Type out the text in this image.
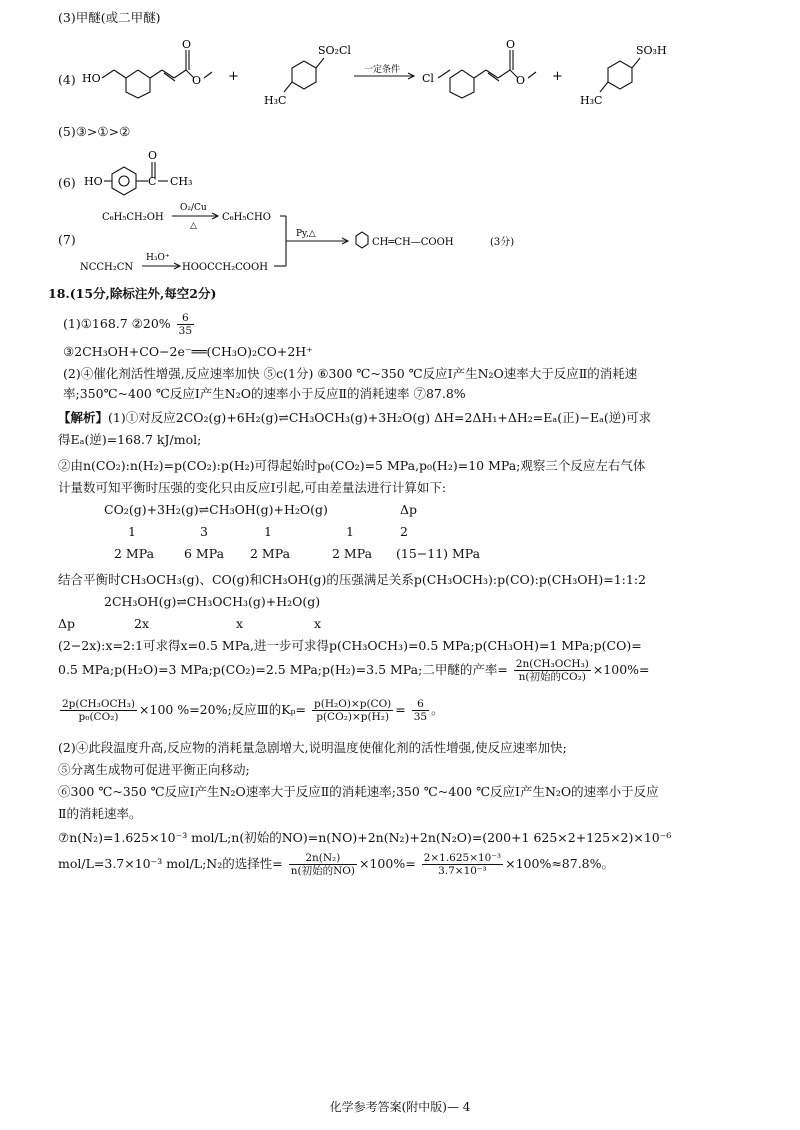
(3)甲醚(或二甲醚)
(4) HO
O
O +
SO₂Cl
H₃C
一定条件
Cl
O
O +
SO₃H
H₃C
(5)③>①>②
(6) HO	C
O
CH₃
(7)
C₆H₅CH₂OH
O₂/Cu
△
C₆H₅CHO
Py,△
CH═CH—COOH	(3分)
NCCH₂CN
H₃O⁺
HOOCCH₂COOH
18.(15分,除标注外,每空2分)
(1)①168.7 ②20% $\frac{6}{35}$
③2CH₃OH+CO−2e⁻══(CH₃O)₂CO+2H⁺
(2)④催化剂活性增强,反应速率加快 ⑤c(1分) ⑥300 ℃~350 ℃反应Ⅰ产生N₂O速率大于反应Ⅱ的消耗速
率;350℃~400 ℃反应Ⅰ产生N₂O的速率小于反应Ⅱ的消耗速率 ⑦87.8%
【解析】(1)①对反应2CO₂(g)+6H₂(g)⇌CH₃OCH₃(g)+3H₂O(g) ΔH=2ΔH₁+ΔH₂=Eₐ(正)−Eₐ(逆)可求
得Eₐ(逆)=168.7 kJ/mol;
②由n(CO₂):n(H₂)=p(CO₂):p(H₂)可得起始时p₀(CO₂)=5 MPa,p₀(H₂)=10 MPa;观察三个反应左右气体
计量数可知平衡时压强的变化只由反应Ⅰ引起,可由差量法进行计算如下:
CO₂(g)+3H₂(g)⇌CH₃OH(g)+H₂O(g)	Δp
1	3	1	1	2
2 MPa 6 MPa 2 MPa	2 MPa (15−11) MPa
结合平衡时CH₃OCH₃(g)、CO(g)和CH₃OH(g)的压强满足关系p(CH₃OCH₃):p(CO):p(CH₃OH)=1:1:2
2CH₃OH(g)⇌CH₃OCH₃(g)+H₂O(g)
Δp	2x	x	x
(2−2x):x=2:1可求得x=0.5 MPa,进一步可求得p(CH₃OCH₃)=0.5 MPa;p(CH₃OH)=1 MPa;p(CO)=
0.5 MPa;p(H₂O)=3 MPa;p(CO₂)=2.5 MPa;p(H₂)=3.5 MPa;二甲醚的产率= $\frac{\text{2n(CH₃OCH₃)}}{\text{n(初始的CO₂)}} \times 100\%=$
$\frac{\text{2p(CH₃OCH₃)}}{\text{p₀(CO₂)}} \times 100$ %=20%;反应Ⅲ的$K_p= \frac{\text{p(H₂O)×p(CO)}}{\text{p(CO₂)×p(H₂)}} = \frac{6}{35}$ 。
(2)④此段温度升高,反应物的消耗量急剧增大,说明温度使催化剂的活性增强,使反应速率加快;
⑤分离生成物可促进平衡正向移动;
⑥300 ℃~350 ℃反应Ⅰ产生N₂O速率大于反应Ⅱ的消耗速率;350 ℃~400 ℃反应Ⅰ产生N₂O的速率小于反应
Ⅱ的消耗速率。
⑦n(N₂)=1.625×10⁻³ mol/L;n(初始的NO)=n(NO)+2n(N₂)+2n(N₂O)=(200+1 625×2+125×2)×10⁻⁶
mol/L=3.7×10⁻³ mol/L;N₂的选择性= $\frac{\text{2n(N₂)}}{\text{n(初始的NO)}} \times 100\%= \frac{\text{2×1.625×10⁻³}}{\text{3.7×10⁻³}} \times 100\%\approx 87.8\%$。
化学参考答案(附中版)— 4
